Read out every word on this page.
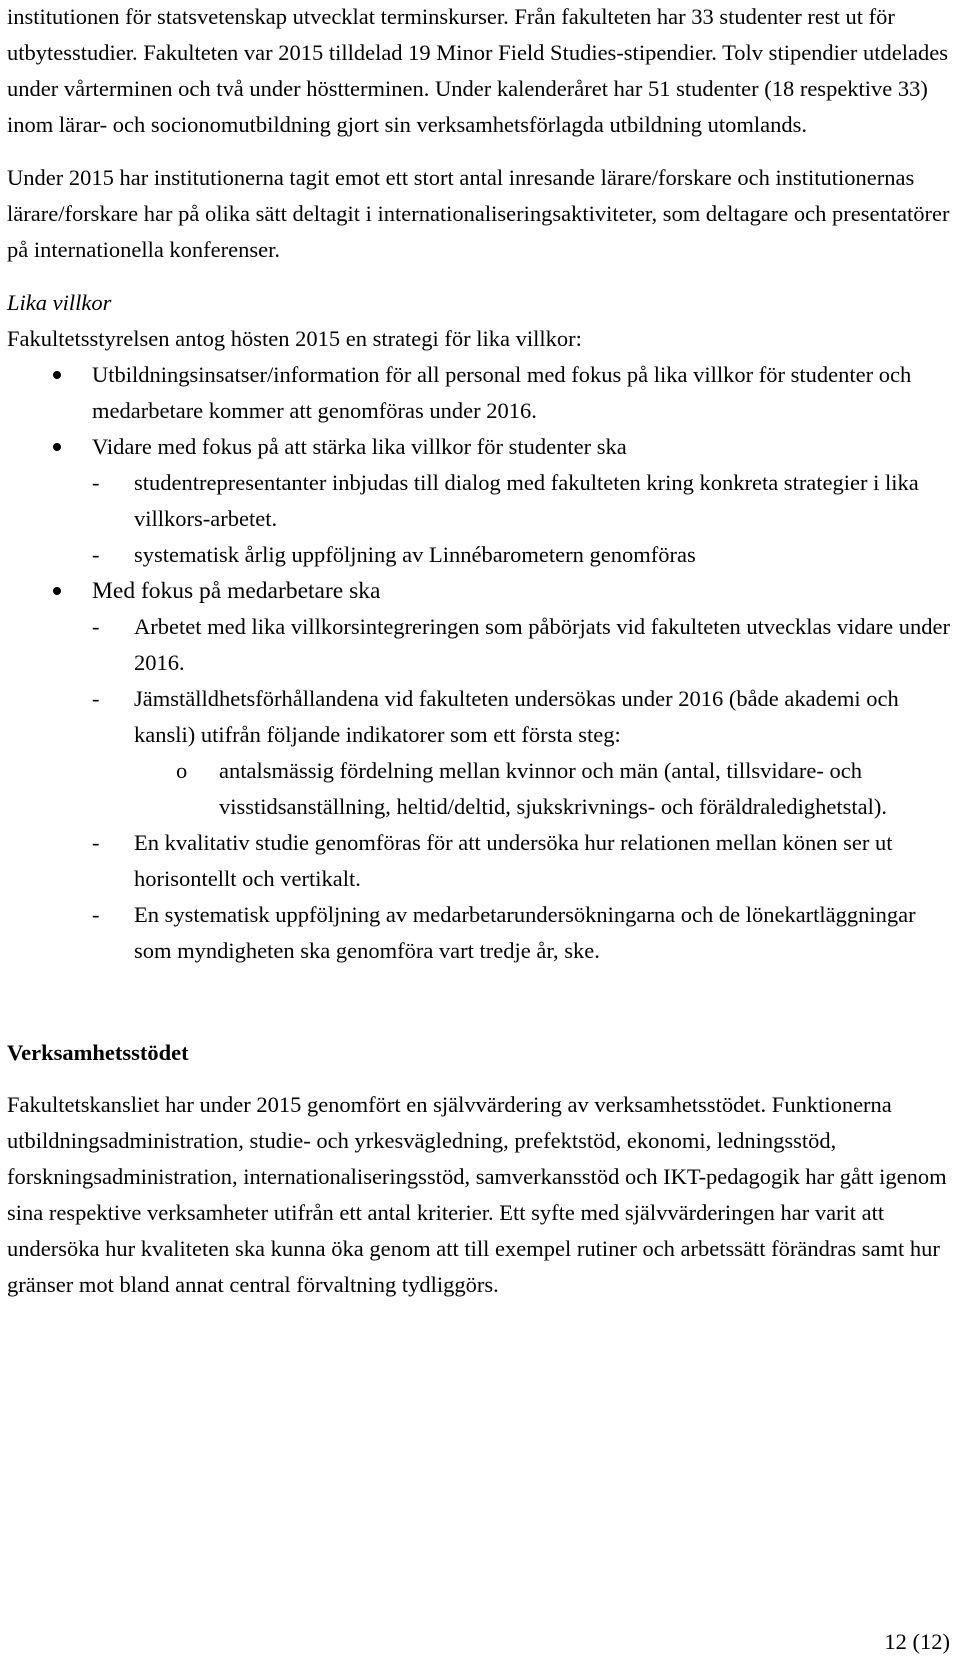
institutionen för statsvetenskap utvecklat terminskurser. Från fakulteten har 33 studenter rest ut för utbytesstudier. Fakulteten var 2015 tilldelad 19 Minor Field Studies-stipendier. Tolv stipendier utdelades under vårterminen och två under höstterminen. Under kalenderåret har 51 studenter (18 respektive 33) inom lärar- och socionomutbildning gjort sin verksamhetsförlagda utbildning utomlands.

Under 2015 har institutionerna tagit emot ett stort antal inresande lärare/forskare och institutionernas lärare/forskare har på olika sätt deltagit i internationaliseringsaktiviteter, som deltagare och presentatörer på internationella konferenser.

Lika villkor

Fakultetsstyrelsen antog hösten 2015 en strategi för lika villkor:

Utbildningsinsatser/information för all personal med fokus på lika villkor för studenter och medarbetare kommer att genomföras under 2016.
Vidare med fokus på att stärka lika villkor för studenter ska
- studentrepresentanter inbjudas till dialog med fakulteten kring konkreta strategier i lika villkors-arbetet.
- systematisk årlig uppföljning av Linnébarometern genomföras
Med fokus på medarbetare ska
- Arbetet med lika villkorsintegreringen som påbörjats vid fakulteten utvecklas vidare under 2016.
- Jämställdhetsförhållandena vid fakulteten undersökas under 2016 (både akademi och kansli) utifrån följande indikatorer som ett första steg:
o antalsmässig fördelning mellan kvinnor och män (antal, tillsvidare- och visstidsanställning, heltid/deltid, sjukskrivnings- och föräldraledighetstal).
- En kvalitativ studie genomföras för att undersöka hur relationen mellan könen ser ut horisontellt och vertikalt.
- En systematisk uppföljning av medarbetarundersökningarna och de lönekartläggningar som myndigheten ska genomföra vart tredje år, ske.

Verksamhetsstödet

Fakultetskansliet har under 2015 genomfört en självvärdering av verksamhetsstödet. Funktionerna utbildningsadministration, studie- och yrkesvägledning, prefektstöd, ekonomi, ledningsstöd, forskningsadministration, internationaliseringsstöd, samverkansstöd och IKT-pedagogik har gått igenom sina respektive verksamheter utifrån ett antal kriterier. Ett syfte med självvärderingen har varit att undersöka hur kvaliteten ska kunna öka genom att till exempel rutiner och arbetssätt förändras samt hur gränser mot bland annat central förvaltning tydliggörs.

12 (12)
